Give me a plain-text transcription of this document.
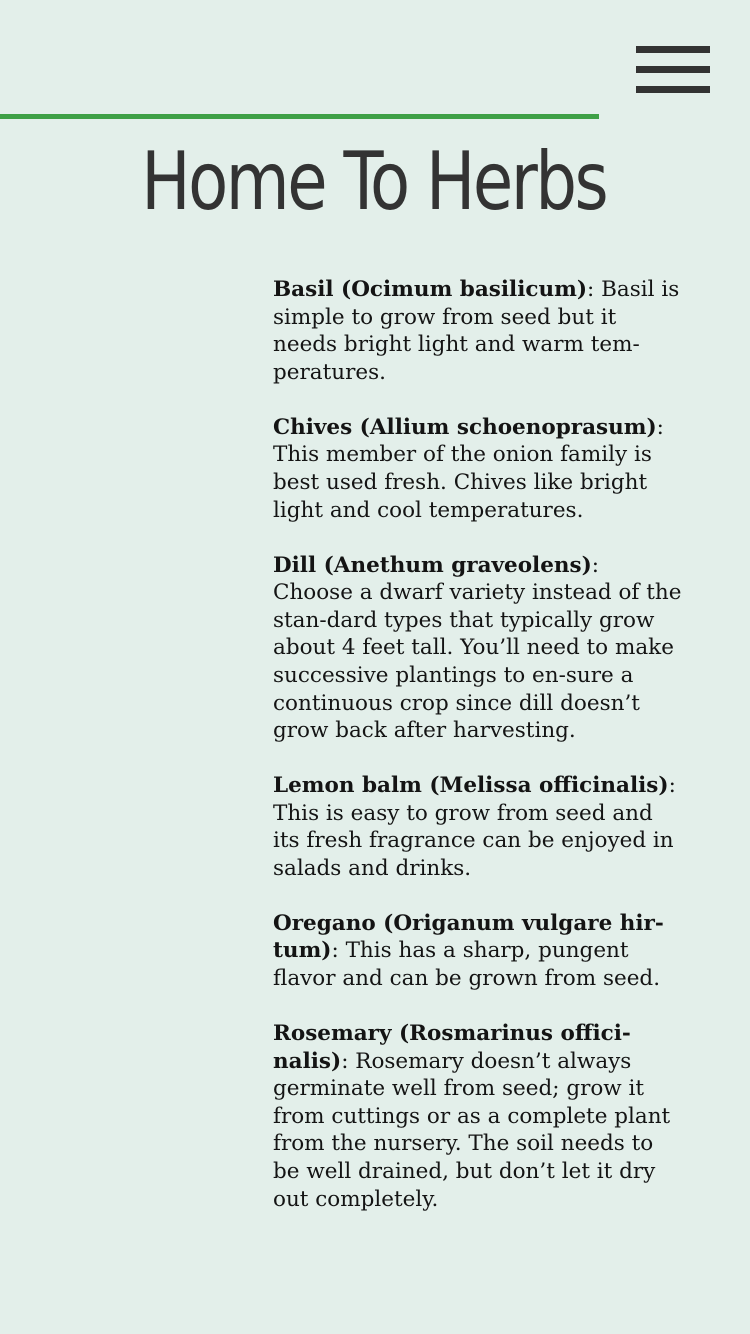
Home To Herbs

Basil (Ocimum basilicum): Basil is simple to grow from seed but it needs bright light and warm tem-peratures.

Chives (Allium schoenoprasum): This member of the onion family is best used fresh. Chives like bright light and cool temperatures.

Dill (Anethum graveolens): Choose a dwarf variety instead of the stan-dard types that typically grow about 4 feet tall. You’ll need to make successive plantings to en-sure a continuous crop since dill doesn’t grow back after harvesting.

Lemon balm (Melissa officinalis): This is easy to grow from seed and its fresh fragrance can be enjoyed in salads and drinks.

Oregano (Origanum vulgare hir-tum): This has a sharp, pungent flavor and can be grown from seed.

Rosemary (Rosmarinus offici-nalis): Rosemary doesn’t always germinate well from seed; grow it from cuttings or as a complete plant from the nursery. The soil needs to be well drained, but don’t let it dry out completely.
